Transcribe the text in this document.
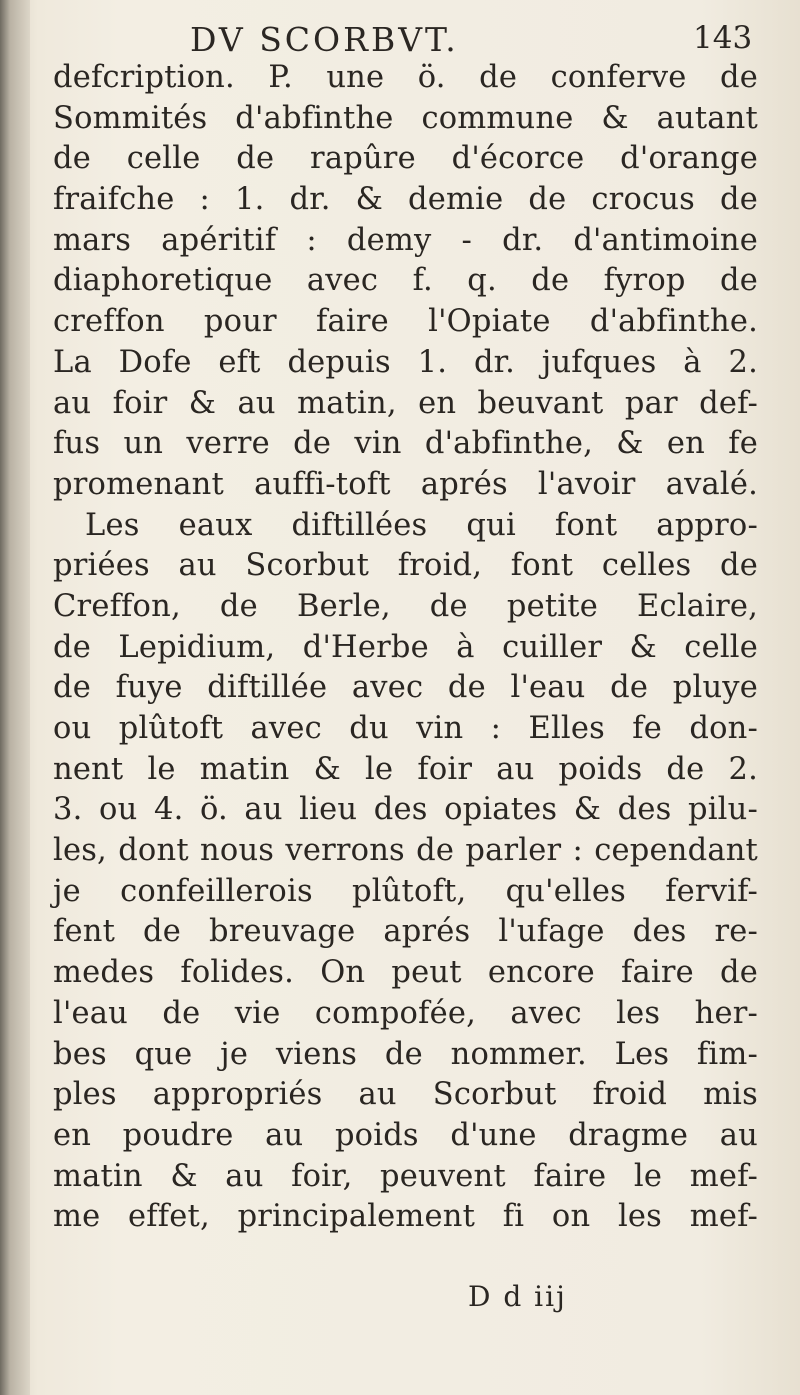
DV SCORBVT.	143
defcription. P. une ö. de conferve de
Sommités d'abfinthe commune & autant
de celle de rapûre d'écorce d'orange
fraifche : 1. dr. & demie de crocus de
mars apéritif : demy - dr. d'antimoine
diaphoretique avec f. q. de fyrop de
creffon pour faire l'Opiate d'abfinthe.
La Dofe eft depuis 1. dr. jufques à 2.
au foir & au matin, en beuvant par def-
fus un verre de vin d'abfinthe, & en fe
promenant auffi-toft aprés l'avoir avalé.
Les eaux diftillées qui font appro-
priées au Scorbut froid, font celles de
Creffon, de Berle, de petite Eclaire,
de Lepidium, d'Herbe à cuiller & celle
de fuye diftillée avec de l'eau de pluye
ou plûtoft avec du vin : Elles fe don-
nent le matin & le foir au poids de 2.
3. ou 4. ö. au lieu des opiates & des pilu-
les, dont nous verrons de parler : cependant
je confeillerois plûtoft, qu'elles fervif-
fent de breuvage aprés l'ufage des re-
medes folides. On peut encore faire de
l'eau de vie compofée, avec les her-
bes que je viens de nommer. Les fim-
ples appropriés au Scorbut froid mis
en poudre au poids d'une dragme au
matin & au foir, peuvent faire le mef-
me effet, principalement fi on les mef-
D d iij
